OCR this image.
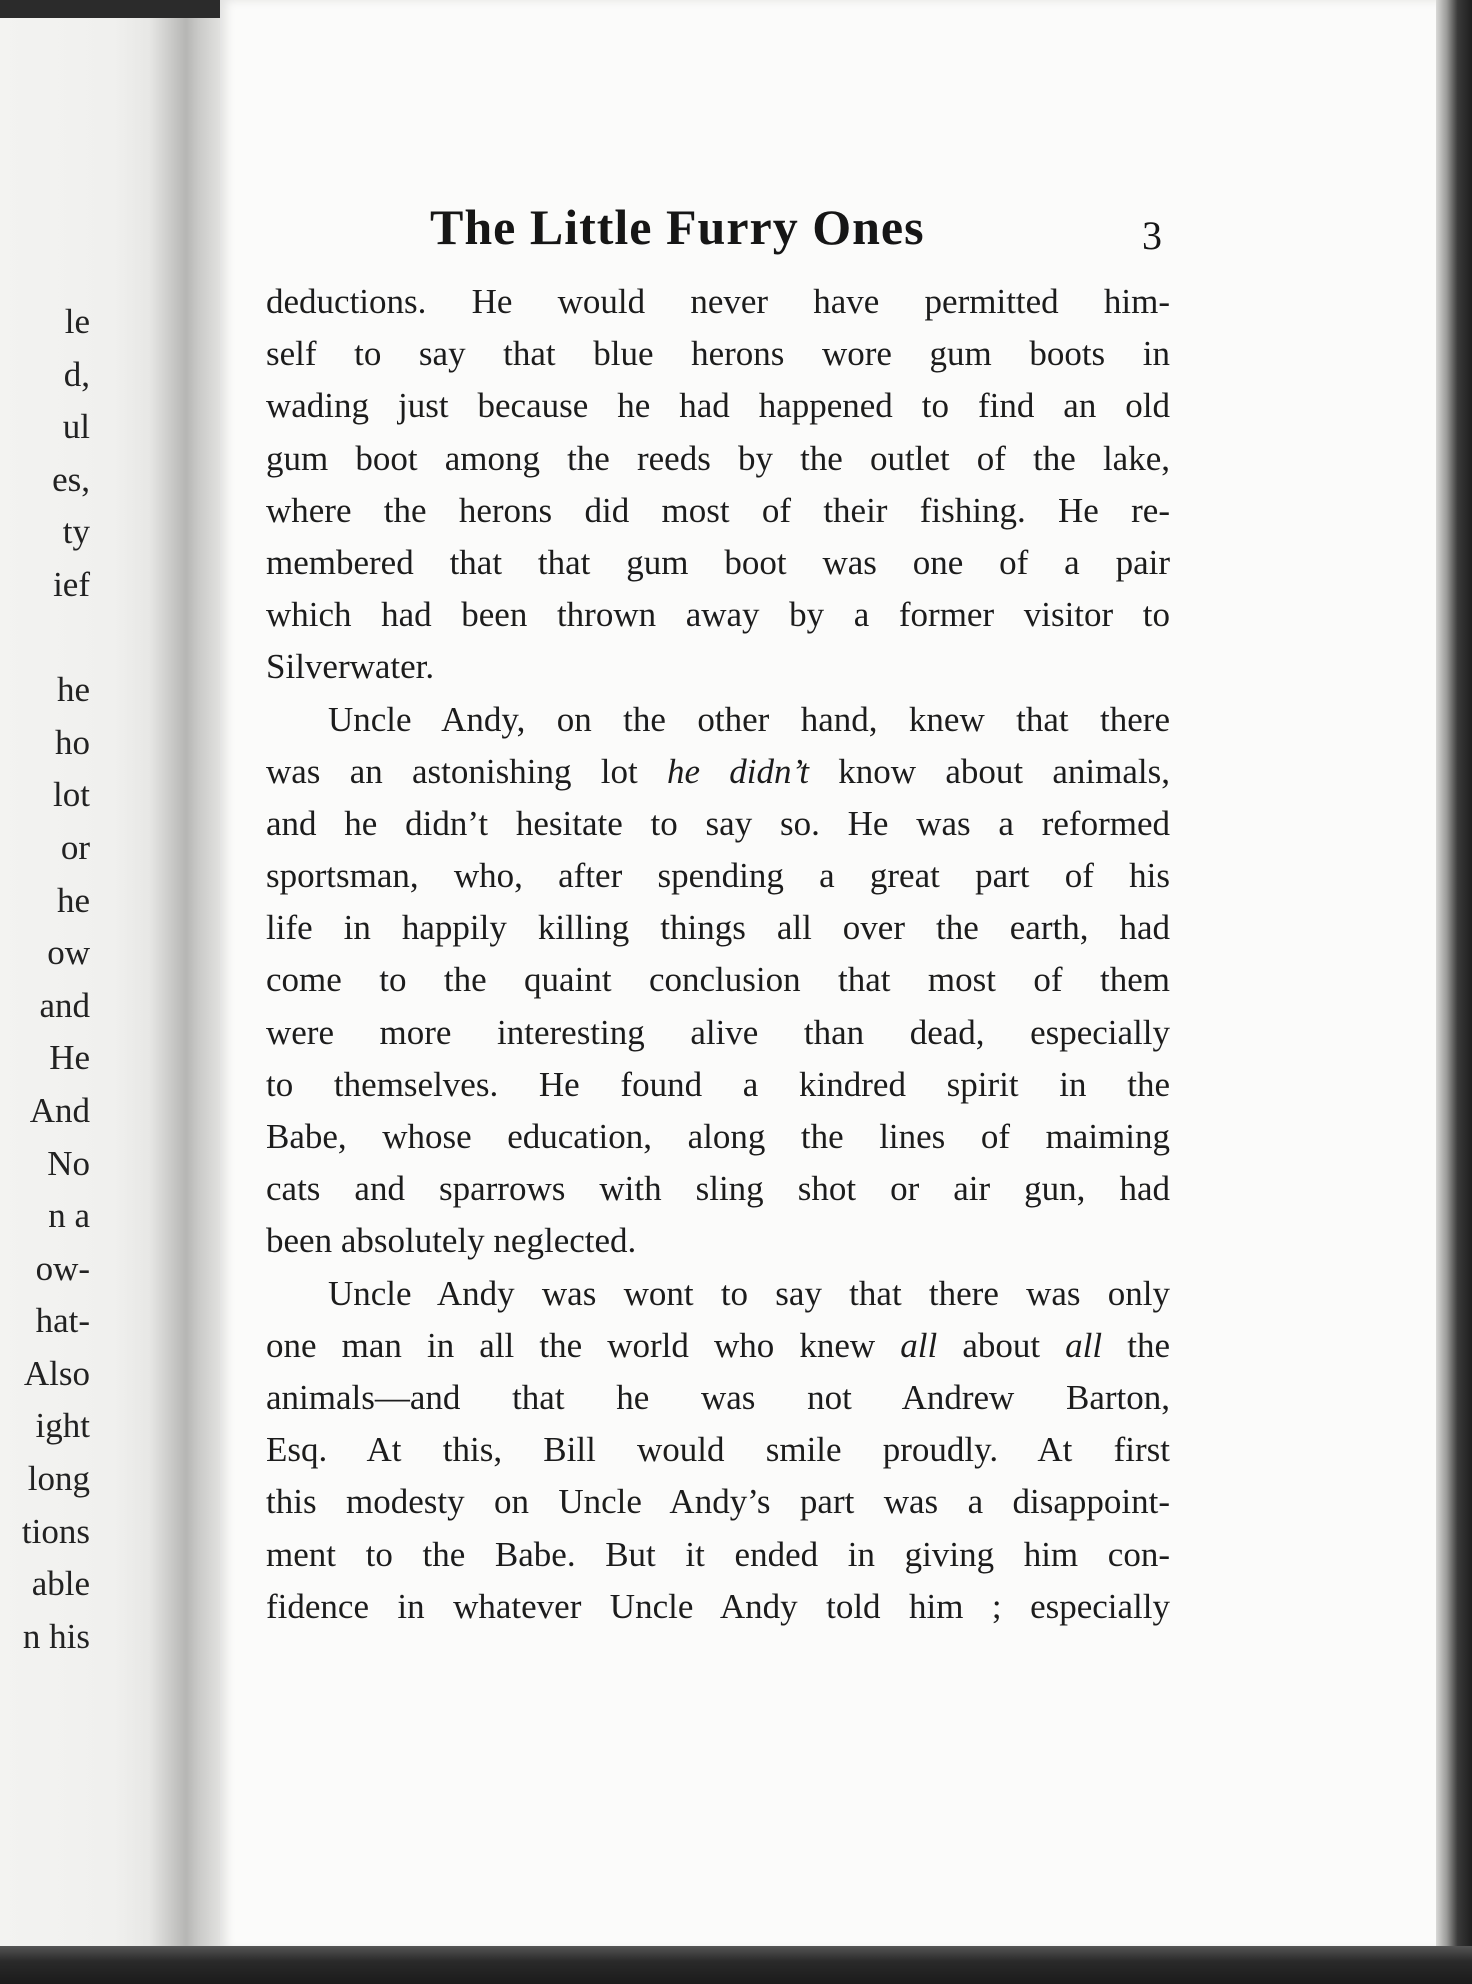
le
d,
ul
es,
ty
ief
he
ho
lot
or
he
ow
and
He
And
No
n a
ow-
hat-
Also
ight
long
tions
able
n his
The Little Furry Ones	3
deductions. He would never have permitted him-
self to say that blue herons wore gum boots in
wading just because he had happened to find an old
gum boot among the reeds by the outlet of the lake,
where the herons did most of their fishing. He re-
membered that that gum boot was one of a pair
which had been thrown away by a former visitor to
Silverwater.
Uncle Andy, on the other hand, knew that there
was an astonishing lot he didn’t know about animals,
and he didn’t hesitate to say so. He was a reformed
sportsman, who, after spending a great part of his
life in happily killing things all over the earth, had
come to the quaint conclusion that most of them
were more interesting alive than dead, especially
to themselves. He found a kindred spirit in the
Babe, whose education, along the lines of maiming
cats and sparrows with sling shot or air gun, had
been absolutely neglected.
Uncle Andy was wont to say that there was only
one man in all the world who knew all about all the
animals—and that he was not Andrew Barton,
Esq. At this, Bill would smile proudly. At first
this modesty on Uncle Andy’s part was a disappoint-
ment to the Babe. But it ended in giving him con-
fidence in whatever Uncle Andy told him ; especially
